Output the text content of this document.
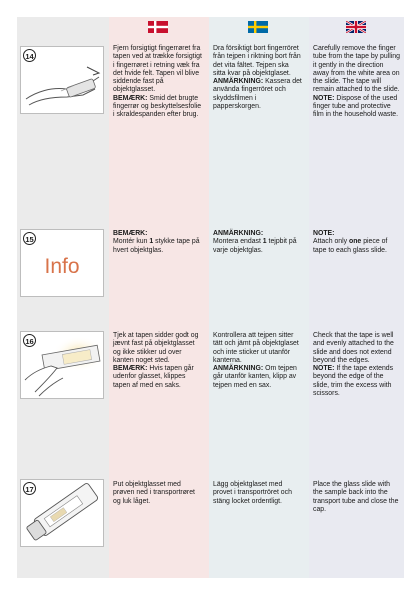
14

Fjern forsigtigt fingerrøret fra tapen ved at trække forsigtigt i fingerrøret i retning væk fra det hvide felt. Tapen vil blive siddende fast på objektglasset.

BEMÆRK: Smid det brugte fingerrør og beskyttelsesfolie i skraldespanden efter brug.

Dra försiktigt bort fingerröret från tejpen i riktning bort från det vita fältet. Tejpen ska sitta kvar på objektglaset.

ANMÄRKNING: Kassera det använda fingerröret och skyddsfilmen i papperskorgen.

Carefully remove the finger tube from the tape by pulling it gently in the direction away from the white area on the slide. The tape will remain attached to the slide.

NOTE: Dispose of the used finger tube and protective film in the household waste.

15
Info

BEMÆRK:

Montér kun 1 stykke tape på hvert objektglas.

ANMÄRKNING:

Montera endast 1 tejpbit på varje objektglas.

NOTE:

Attach only one piece of tape to each glass slide.

16

Tjek at tapen sidder godt og jævnt fast på objektglasset og ikke stikker ud over kanten noget sted.

BEMÆRK: Hvis tapen går udenfor glasset, klippes tapen af med en saks.

Kontrollera att tejpen sitter tätt och jämt på objektglaset och inte sticker ut utanför kanterna.

ANMÄRKNING: Om tejpen går utanför kanten, klipp av tejpen med en sax.

Check that the tape is well and evenly attached to the slide and does not extend beyond the edges.

NOTE: If the tape extends beyond the edge of the slide, trim the excess with scissors.

17

Put objektglasset med prøven ned i transportrøret og luk låget.

Lägg objektglaset med provet i transportröret och stäng locket ordentligt.

Place the glass slide with the sample back into the transport tube and close the cap.
